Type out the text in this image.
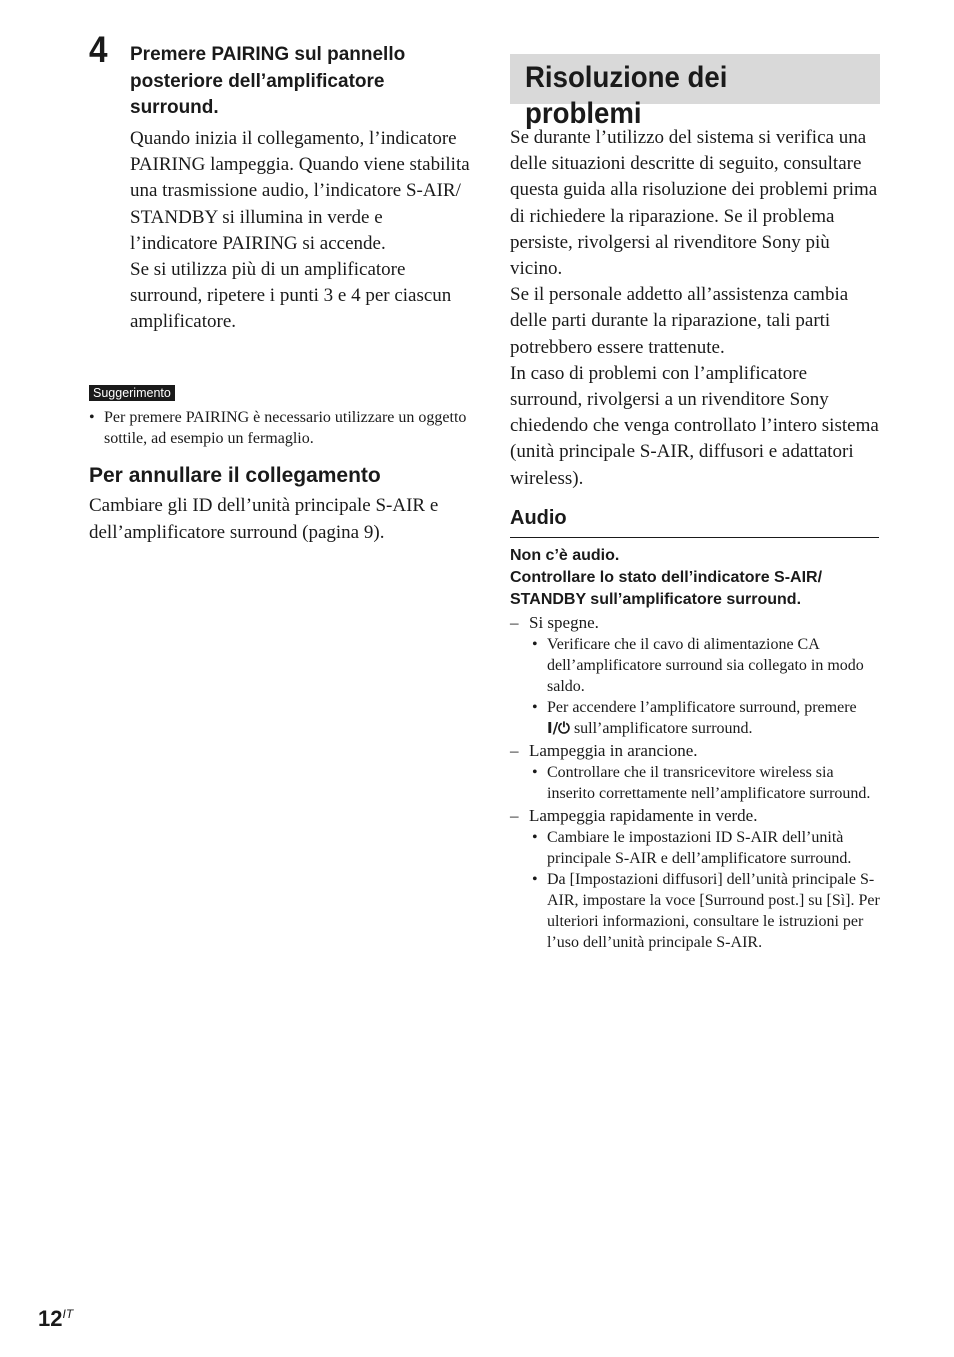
4 Premere PAIRING sul pannello posteriore dell’amplificatore surround.

Quando inizia il collegamento, l’indicatore PAIRING lampeggia. Quando viene stabilita una trasmissione audio, l’indicatore S-AIR/ STANDBY si illumina in verde e l’indicatore PAIRING si accende.

Se si utilizza più di un amplificatore surround, ripetere i punti 3 e 4 per ciascun amplificatore.

Suggerimento
• Per premere PAIRING è necessario utilizzare un oggetto sottile, ad esempio un fermaglio.
Per annullare il collegamento
Cambiare gli ID dell’unità principale S-AIR e dell’amplificatore surround (pagina 9).
Risoluzione dei problemi

Se durante l’utilizzo del sistema si verifica una delle situazioni descritte di seguito, consultare questa guida alla risoluzione dei problemi prima di richiedere la riparazione. Se il problema persiste, rivolgersi al rivenditore Sony più vicino.

Se il personale addetto all’assistenza cambia delle parti durante la riparazione, tali parti potrebbero essere trattenute.

In caso di problemi con l’amplificatore surround, rivolgersi a un rivenditore Sony chiedendo che venga controllato l’intero sistema (unità principale S-AIR, diffusori e adattatori wireless).

Audio
Non c’è audio.
Controllare lo stato dell’indicatore S-AIR/ STANDBY sull’amplificatore surround.
– Si spegne.
• Verificare che il cavo di alimentazione CA dell’amplificatore surround sia collegato in modo saldo.
• Per accendere l’amplificatore surround, premere I/⏻ sull’amplificatore surround.
– Lampeggia in arancione.
• Controllare che il transricevitore wireless sia inserito correttamente nell’amplificatore surround.
– Lampeggia rapidamente in verde.
• Cambiare le impostazioni ID S-AIR dell’unità principale S-AIR e dell’amplificatore surround.
• Da [Impostazioni diffusori] dell’unità principale S-AIR, impostare la voce [Surround post.] su [Sì]. Per ulteriori informazioni, consultare le istruzioni per l’uso dell’unità principale S-AIR.
$12^{IT}$
